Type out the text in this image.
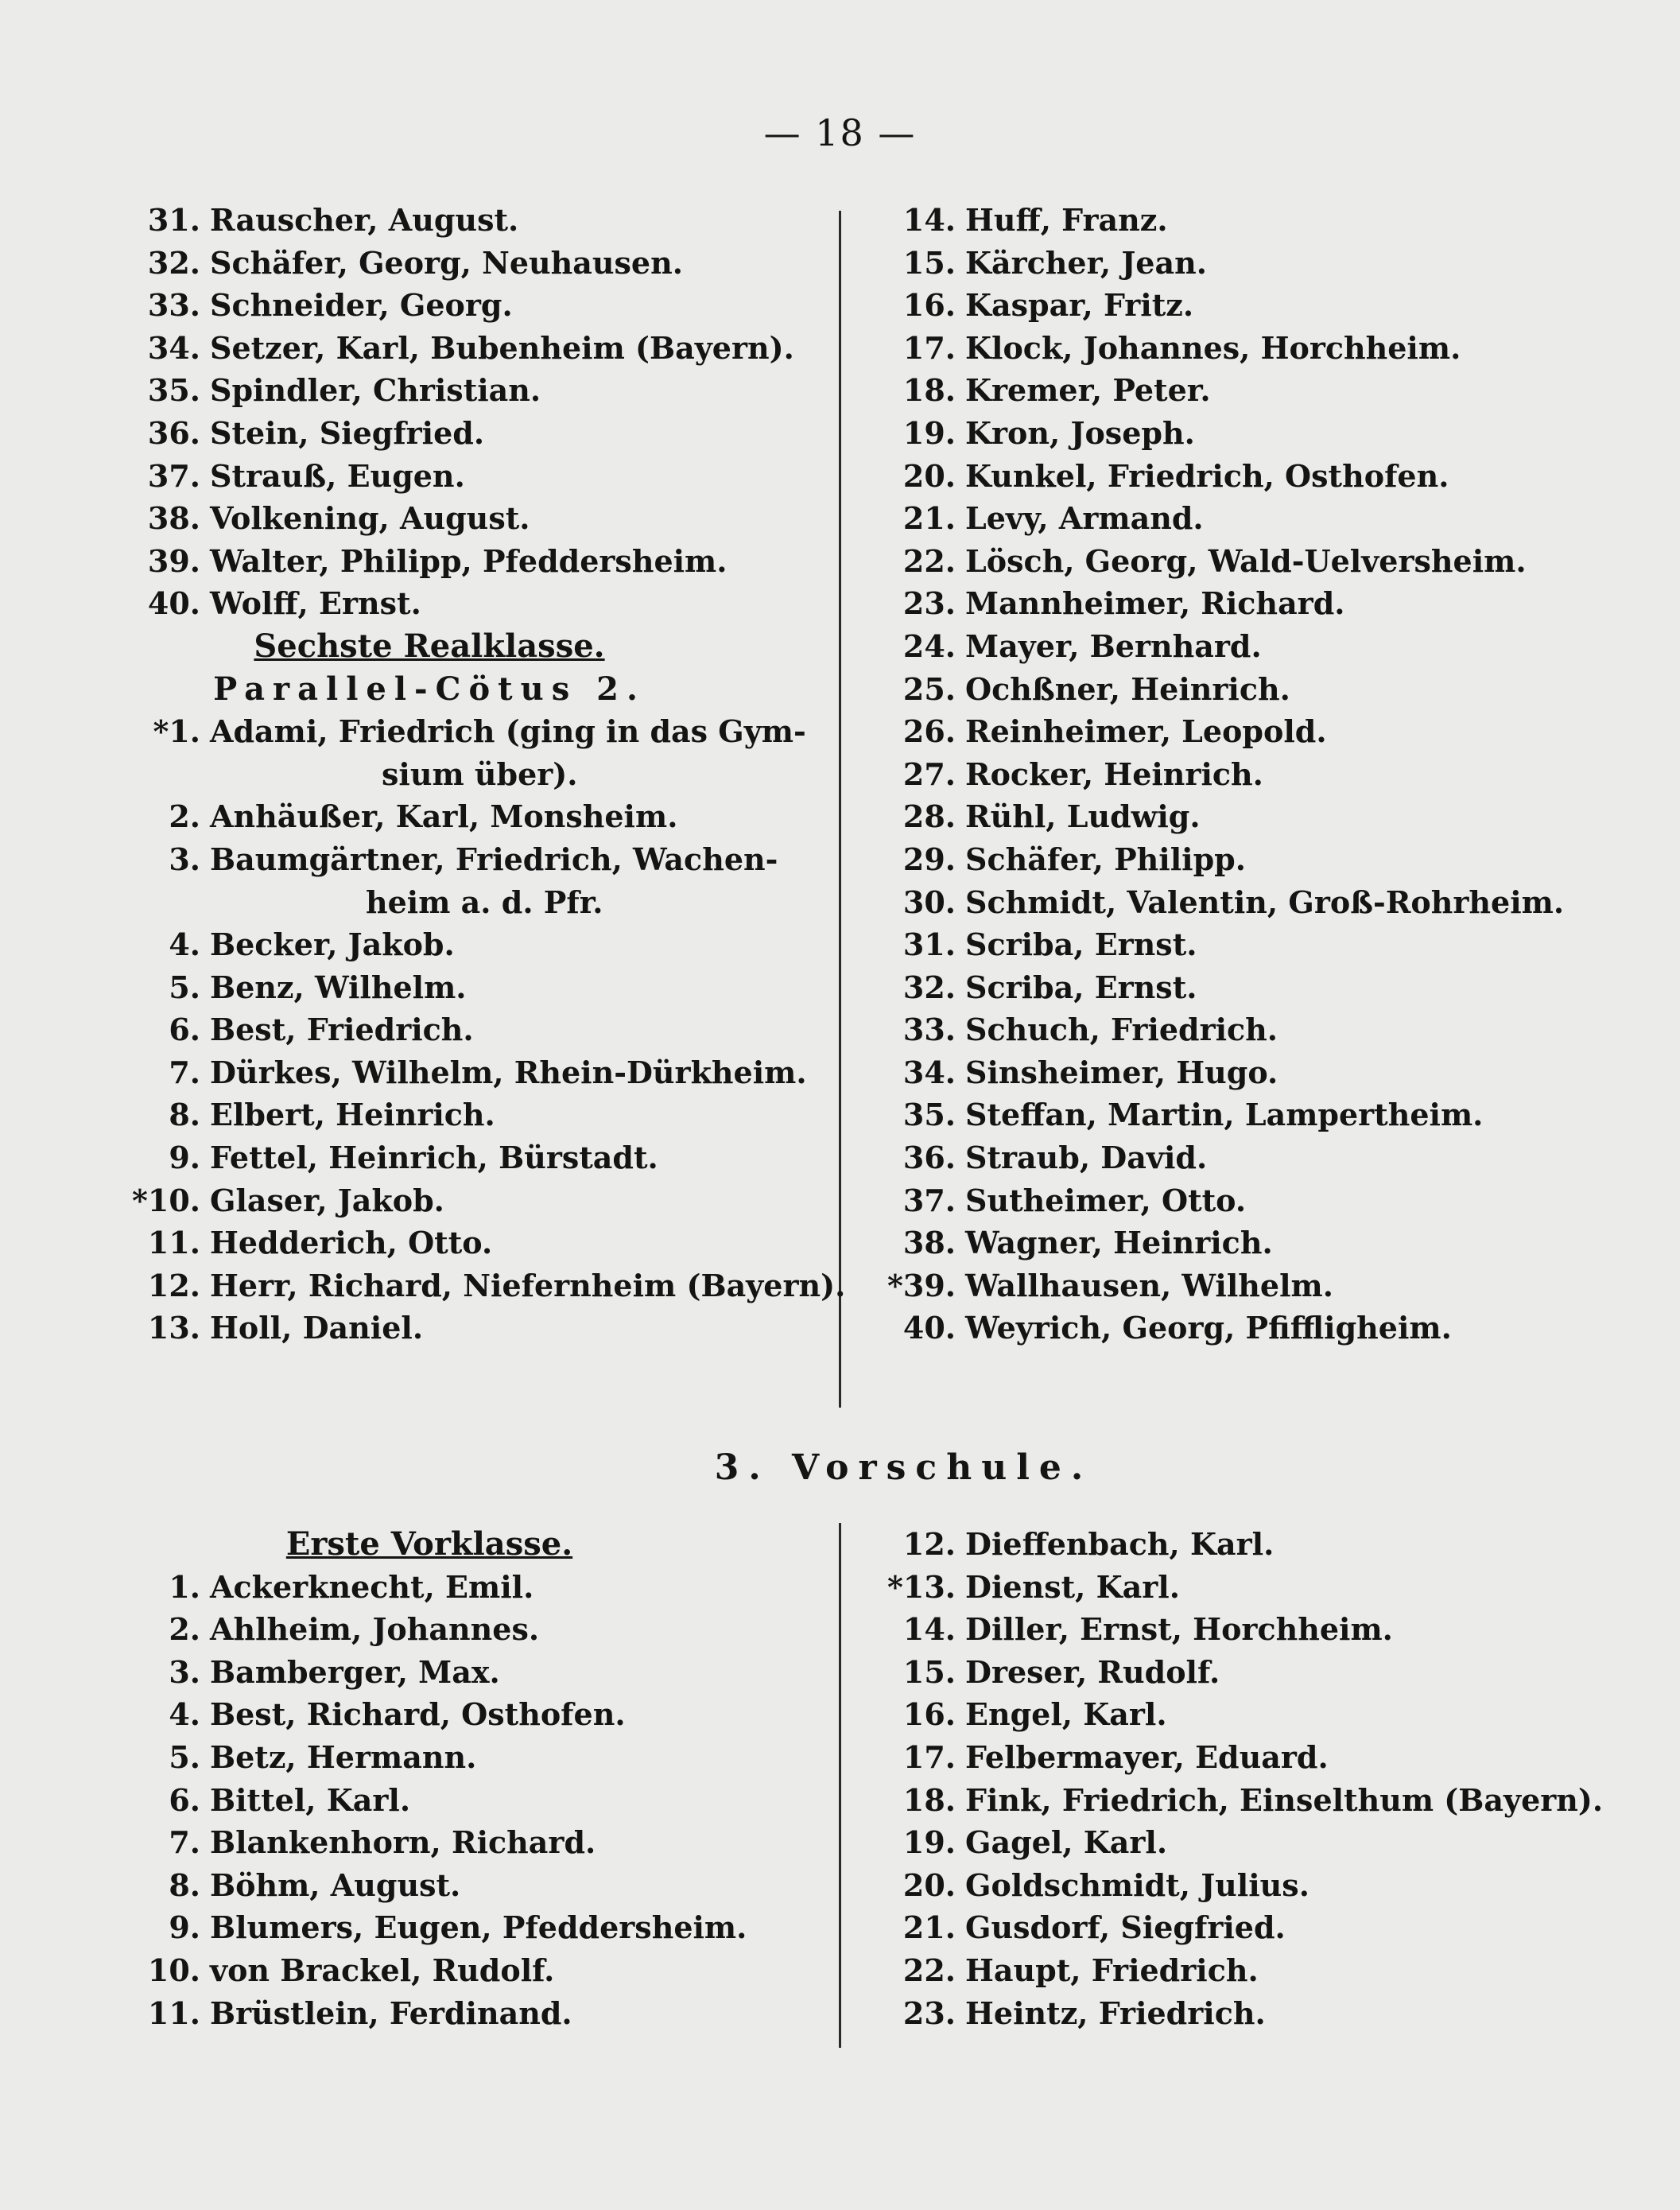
— 18 —
31. Rauscher, August.
32. Schäfer, Georg, Neuhausen.
33. Schneider, Georg.
34. Setzer, Karl, Bubenheim (Bayern).
35. Spindler, Christian.
36. Stein, Siegfried.
37. Strauß, Eugen.
38. Volkening, August.
39. Walter, Philipp, Pfeddersheim.
40. Wolff, Ernst.
Sechste Realklasse.
Parallel-Cötus 2.
*1. Adami, Friedrich (ging in das Gym-
sium über).
2. Anhäußer, Karl, Monsheim.
3. Baumgärtner, Friedrich, Wachen-
heim a. d. Pfr.
4. Becker, Jakob.
5. Benz, Wilhelm.
6. Best, Friedrich.
7. Dürkes, Wilhelm, Rhein-Dürkheim.
8. Elbert, Heinrich.
9. Fettel, Heinrich, Bürstadt.
*10. Glaser, Jakob.
11. Hedderich, Otto.
12. Herr, Richard, Niefernheim (Bayern).
13. Holl, Daniel.
14. Huff, Franz.
15. Kärcher, Jean.
16. Kaspar, Fritz.
17. Klock, Johannes, Horchheim.
18. Kremer, Peter.
19. Kron, Joseph.
20. Kunkel, Friedrich, Osthofen.
21. Levy, Armand.
22. Lösch, Georg, Wald-Uelversheim.
23. Mannheimer, Richard.
24. Mayer, Bernhard.
25. Ochßner, Heinrich.
26. Reinheimer, Leopold.
27. Rocker, Heinrich.
28. Rühl, Ludwig.
29. Schäfer, Philipp.
30. Schmidt, Valentin, Groß-Rohrheim.
31. Scriba, Ernst.
32. Scriba, Ernst.
33. Schuch, Friedrich.
34. Sinsheimer, Hugo.
35. Steffan, Martin, Lampertheim.
36. Straub, David.
37. Sutheimer, Otto.
38. Wagner, Heinrich.
*39. Wallhausen, Wilhelm.
40. Weyrich, Georg, Pfiffligheim.
3. Vorschule.
Erste Vorklasse.
1. Ackerknecht, Emil.
2. Ahlheim, Johannes.
3. Bamberger, Max.
4. Best, Richard, Osthofen.
5. Betz, Hermann.
6. Bittel, Karl.
7. Blankenhorn, Richard.
8. Böhm, August.
9. Blumers, Eugen, Pfeddersheim.
10. von Brackel, Rudolf.
11. Brüstlein, Ferdinand.
12. Dieffenbach, Karl.
*13. Dienst, Karl.
14. Diller, Ernst, Horchheim.
15. Dreser, Rudolf.
16. Engel, Karl.
17. Felbermayer, Eduard.
18. Fink, Friedrich, Einselthum (Bayern).
19. Gagel, Karl.
20. Goldschmidt, Julius.
21. Gusdorf, Siegfried.
22. Haupt, Friedrich.
23. Heintz, Friedrich.
